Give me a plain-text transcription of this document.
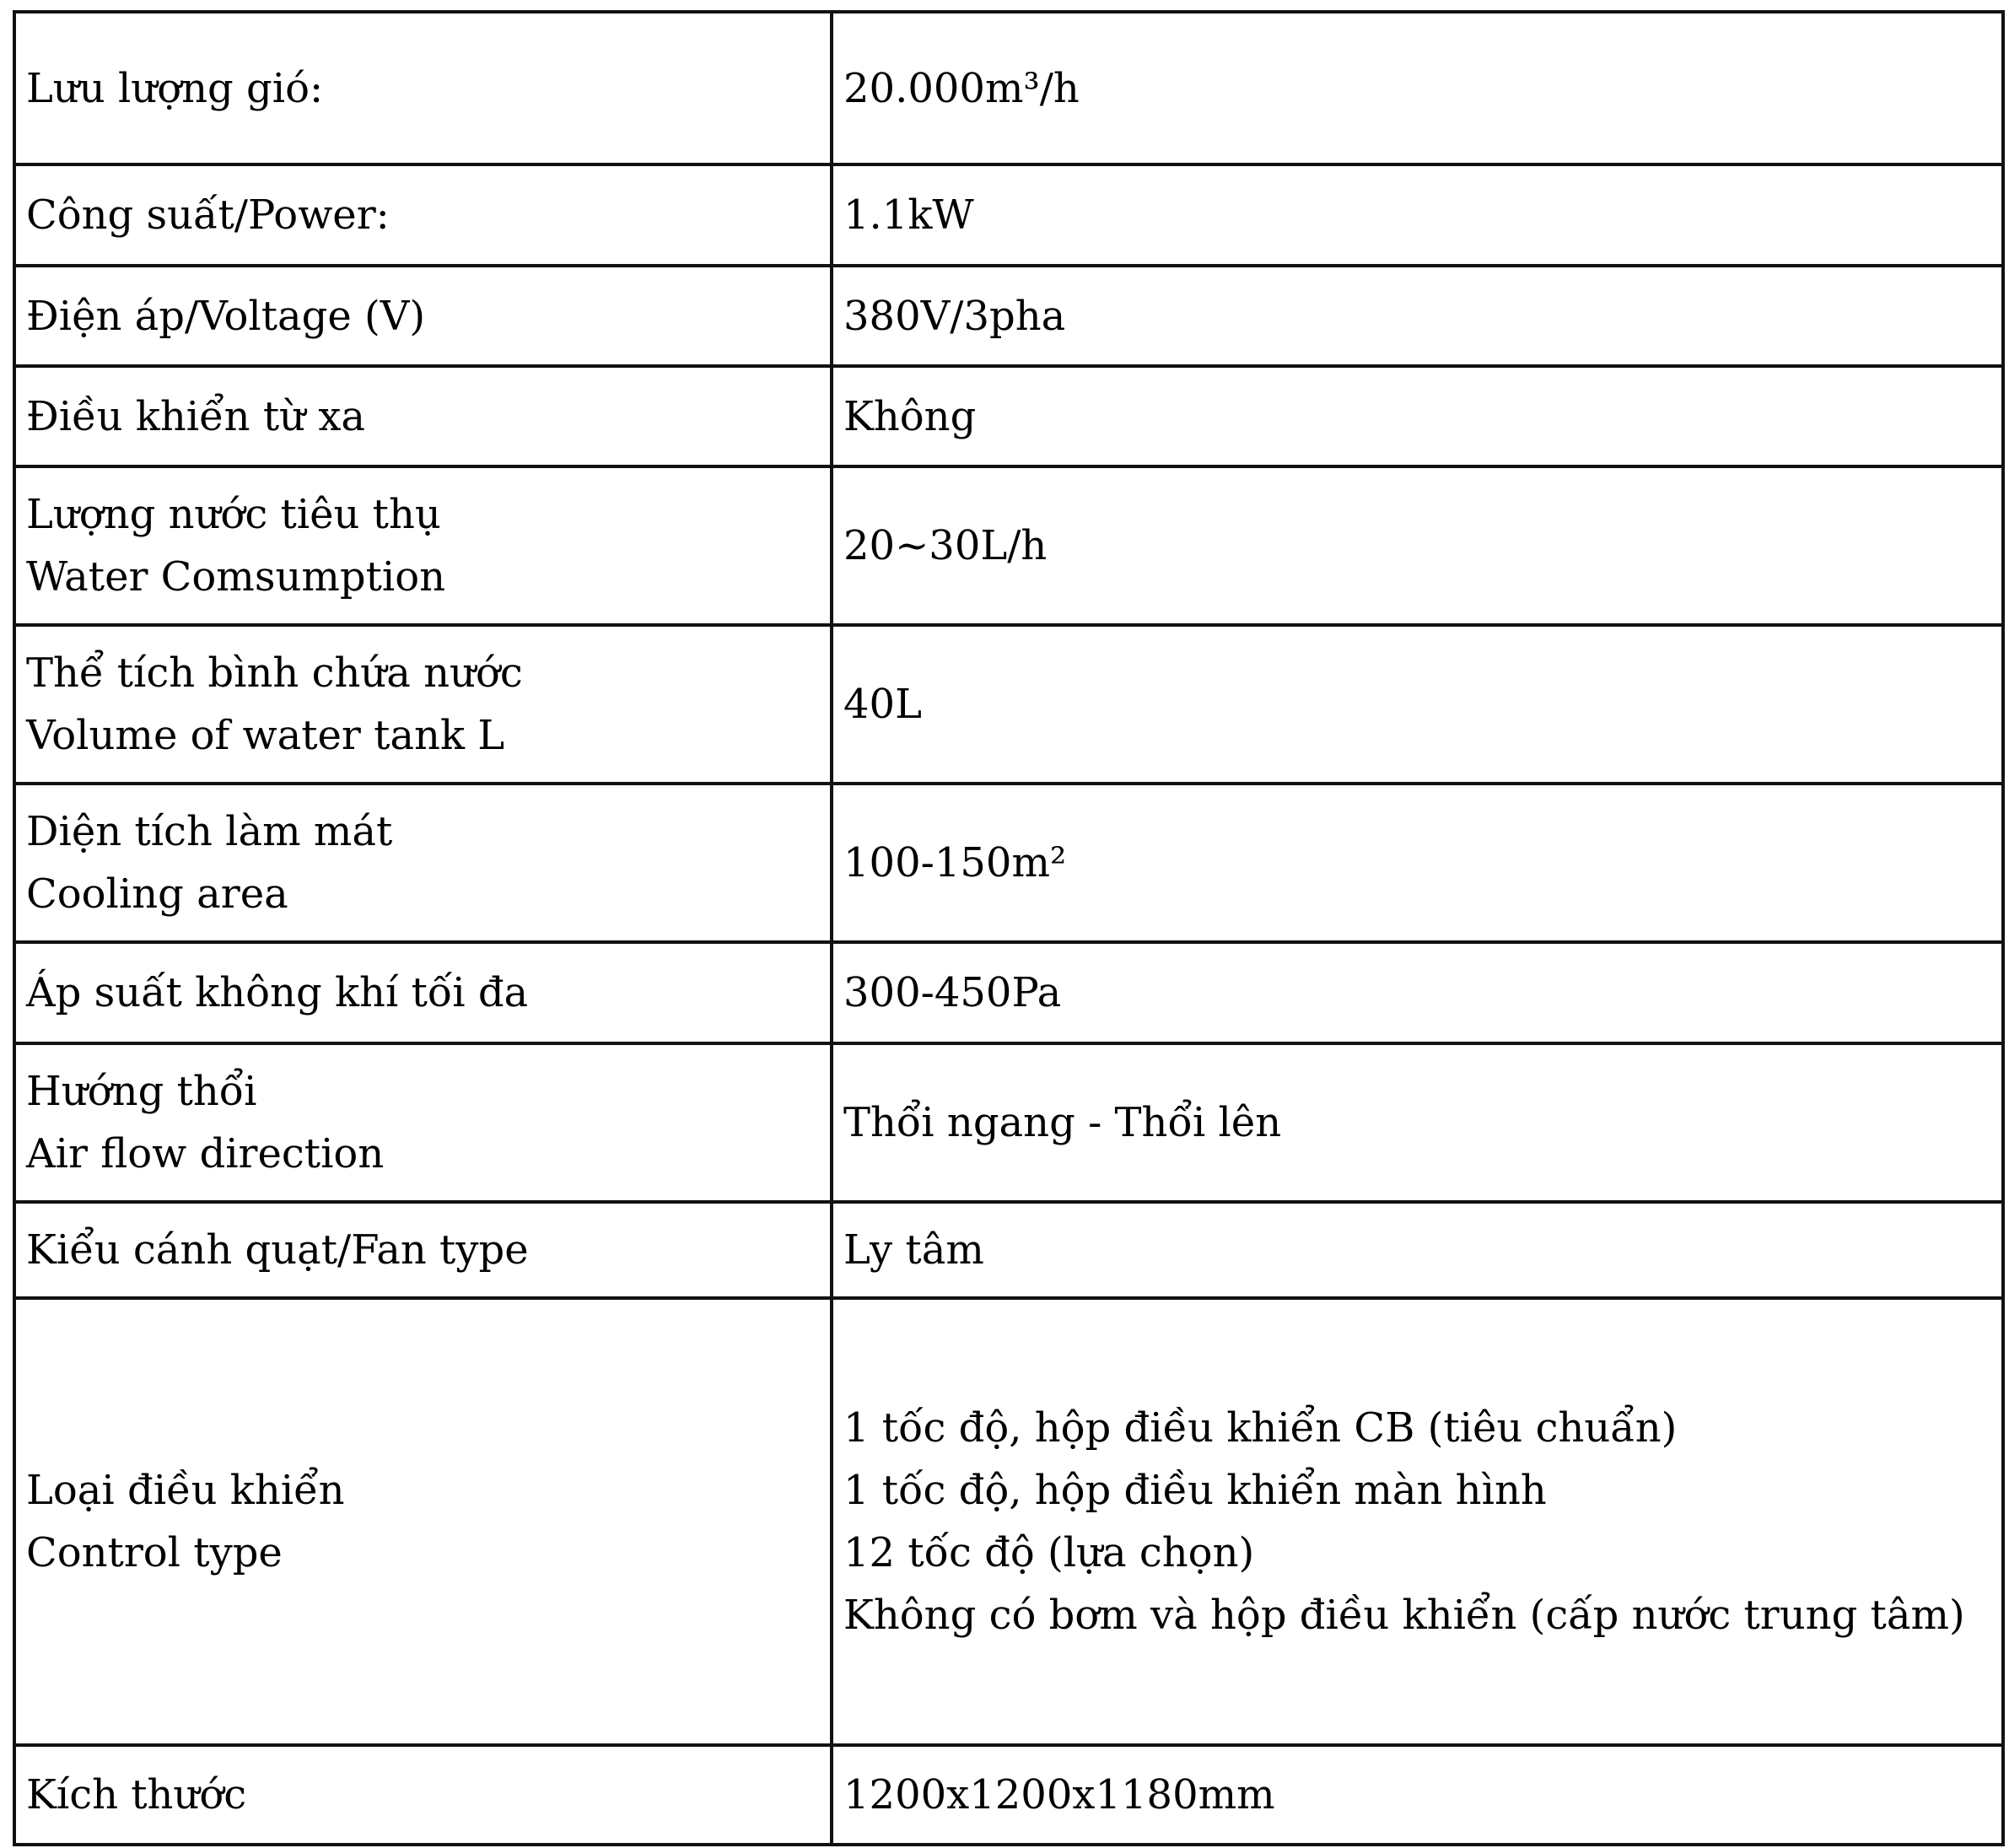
Lưu lượng gió:	20.000m³/h

Công suất/Power:	1.1kW

Điện áp/Voltage (V)	380V/3pha

Điều khiển từ xa	Không

Lượng nước tiêu thụ
Water Comsumption	20~30L/h

Thể tích bình chứa nước
Volume of water tank L	40L

Diện tích làm mát
Cooling area	100-150m²

Áp suất không khí tối đa	300-450Pa

Hướng thổi
Air flow direction	Thổi ngang - Thổi lên

Kiểu cánh quạt/Fan type	Ly tâm

Loại điều khiển
Control type	1 tốc độ, hộp điều khiển CB (tiêu chuẩn)
1 tốc độ, hộp điều khiển màn hình
12 tốc độ (lựa chọn)
Không có bơm và hộp điều khiển (cấp nước trung tâm)

Kích thước	1200x1200x1180mm
